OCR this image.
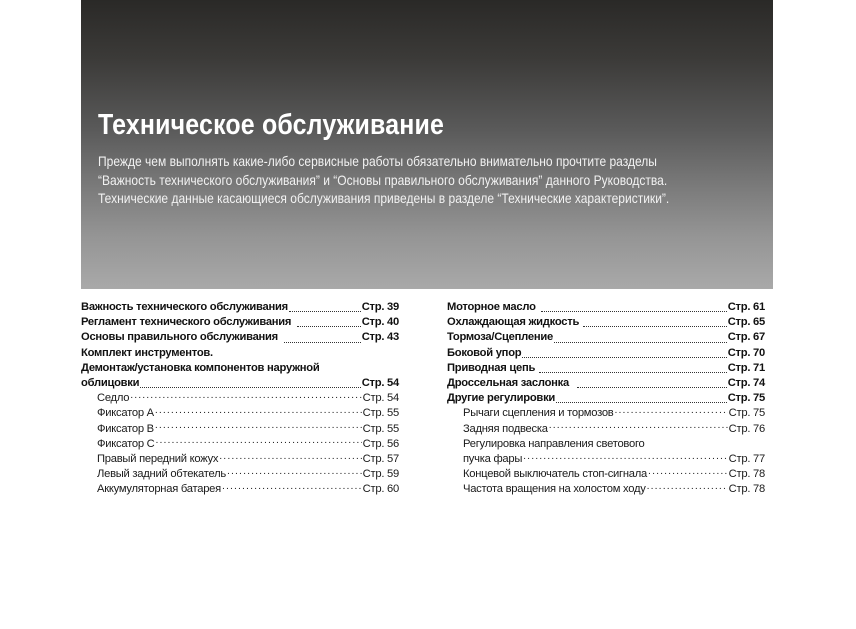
Техническое обслуживание

Прежде чем выполнять какие-либо сервисные работы обязательно внимательно прочтите разделы
“Важность технического обслуживания” и “Основы правильного обслуживания” данного Руководства.
Технические данные касающиеся обслуживания приведены в разделе “Технические характеристики”.

Важность технического обслуживания	Стр. 39
Регламент технического обслуживания	Стр. 40
Основы правильного обслуживания	Стр. 43
Комплект инструментов.
Демонтаж/установка компонентов наружной
облицовки	Стр. 54
Седло .....	Стр. 54
Фиксатор A .....	Стр. 55
Фиксатор B .....	Стр. 55
Фиксатор C .....	Стр. 56
Правый передний кожух .....	Стр. 57
Левый задний обтекатель .....	Стр. 59
Аккумуляторная батарея .....	Стр. 60
Моторное масло	Стр. 61
Охлаждающая жидкость	Стр. 65
Тормоза/Сцепление	Стр. 67
Боковой упор	Стр. 70
Приводная цепь	Стр. 71
Дроссельная заслонка	Стр. 74
Другие регулировки	Стр. 75
Рычаги сцепления и тормозов .....	Стр. 75
Задняя подвеска .....	Стр. 76
Регулировка направления светового
пучка фары .....	Стр. 77
Концевой выключатель стоп-сигнала .....	Стр. 78
Частота вращения на холостом ходу .....	Стр. 78
